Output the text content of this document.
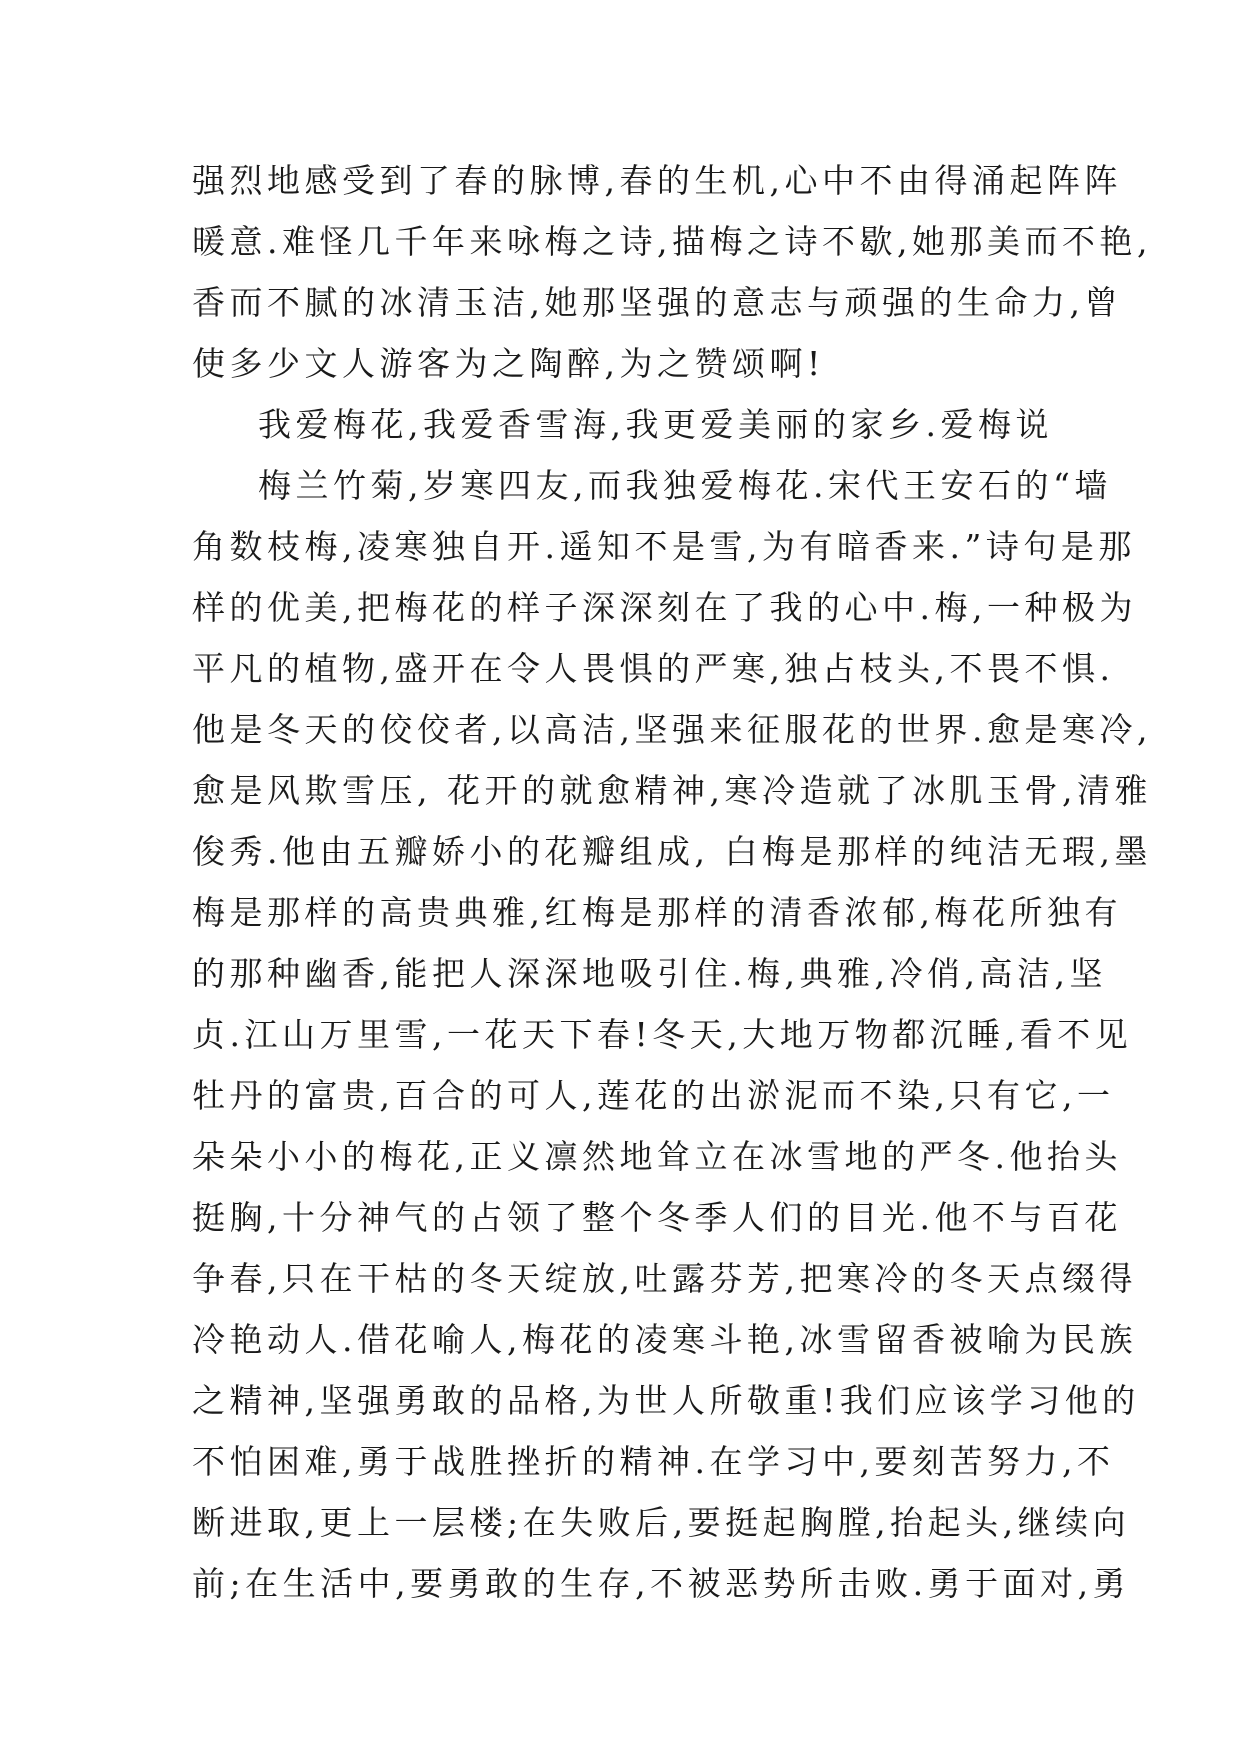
强烈地感受到了春的脉博,春的生机,心中不由得涌起阵阵
暖意.难怪几千年来咏梅之诗,描梅之诗不歇,她那美而不艳,
香而不腻的冰清玉洁,她那坚强的意志与顽强的生命力,曾
使多少文人游客为之陶醉,为之赞颂啊!
我爱梅花,我爱香雪海,我更爱美丽的家乡.爱梅说
梅兰竹菊,岁寒四友,而我独爱梅花.宋代王安石的“墙
角数枝梅,凌寒独自开.遥知不是雪,为有暗香来.”诗句是那
样的优美,把梅花的样子深深刻在了我的心中.梅,一种极为
平凡的植物,盛开在令人畏惧的严寒,独占枝头,不畏不惧.
他是冬天的佼佼者,以高洁,坚强来征服花的世界.愈是寒冷,
愈是风欺雪压, 花开的就愈精神,寒冷造就了冰肌玉骨,清雅
俊秀.他由五瓣娇小的花瓣组成, 白梅是那样的纯洁无瑕,墨
梅是那样的高贵典雅,红梅是那样的清香浓郁,梅花所独有
的那种幽香,能把人深深地吸引住.梅,典雅,冷俏,高洁,坚
贞.江山万里雪,一花天下春!冬天,大地万物都沉睡,看不见
牡丹的富贵,百合的可人,莲花的出淤泥而不染,只有它,一
朵朵小小的梅花,正义凛然地耸立在冰雪地的严冬.他抬头
挺胸,十分神气的占领了整个冬季人们的目光.他不与百花
争春,只在干枯的冬天绽放,吐露芬芳,把寒冷的冬天点缀得
冷艳动人.借花喻人,梅花的凌寒斗艳,冰雪留香被喻为民族
之精神,坚强勇敢的品格,为世人所敬重!我们应该学习他的
不怕困难,勇于战胜挫折的精神.在学习中,要刻苦努力,不
断进取,更上一层楼;在失败后,要挺起胸膛,抬起头,继续向
前;在生活中,要勇敢的生存,不被恶势所击败.勇于面对,勇
